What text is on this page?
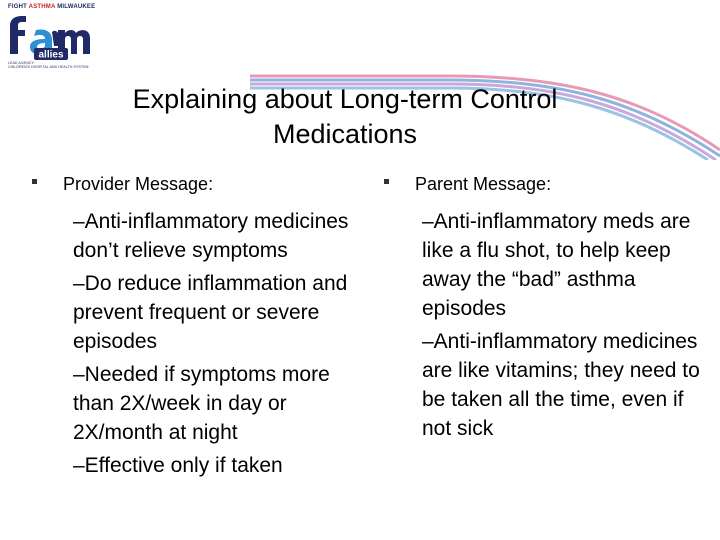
FIGHT ASTHMA MILWAUKEE
allies
LEAD AGENCY:
CHILDREN'S HOSPITAL AND HEALTH SYSTEM
Explaining about Long-term Control
Medications
Provider Message:
–Anti-inflammatory medicines don’t relieve symptoms
–Do reduce inflammation and prevent frequent or severe episodes
–Needed if symptoms more than 2X/week in day or 2X/month at night
–Effective only if taken
Parent Message:
–Anti-inflammatory meds are like a flu shot, to help keep away the “bad” asthma episodes
–Anti-inflammatory medicines are like vitamins; they need to be taken all the time, even if not sick
